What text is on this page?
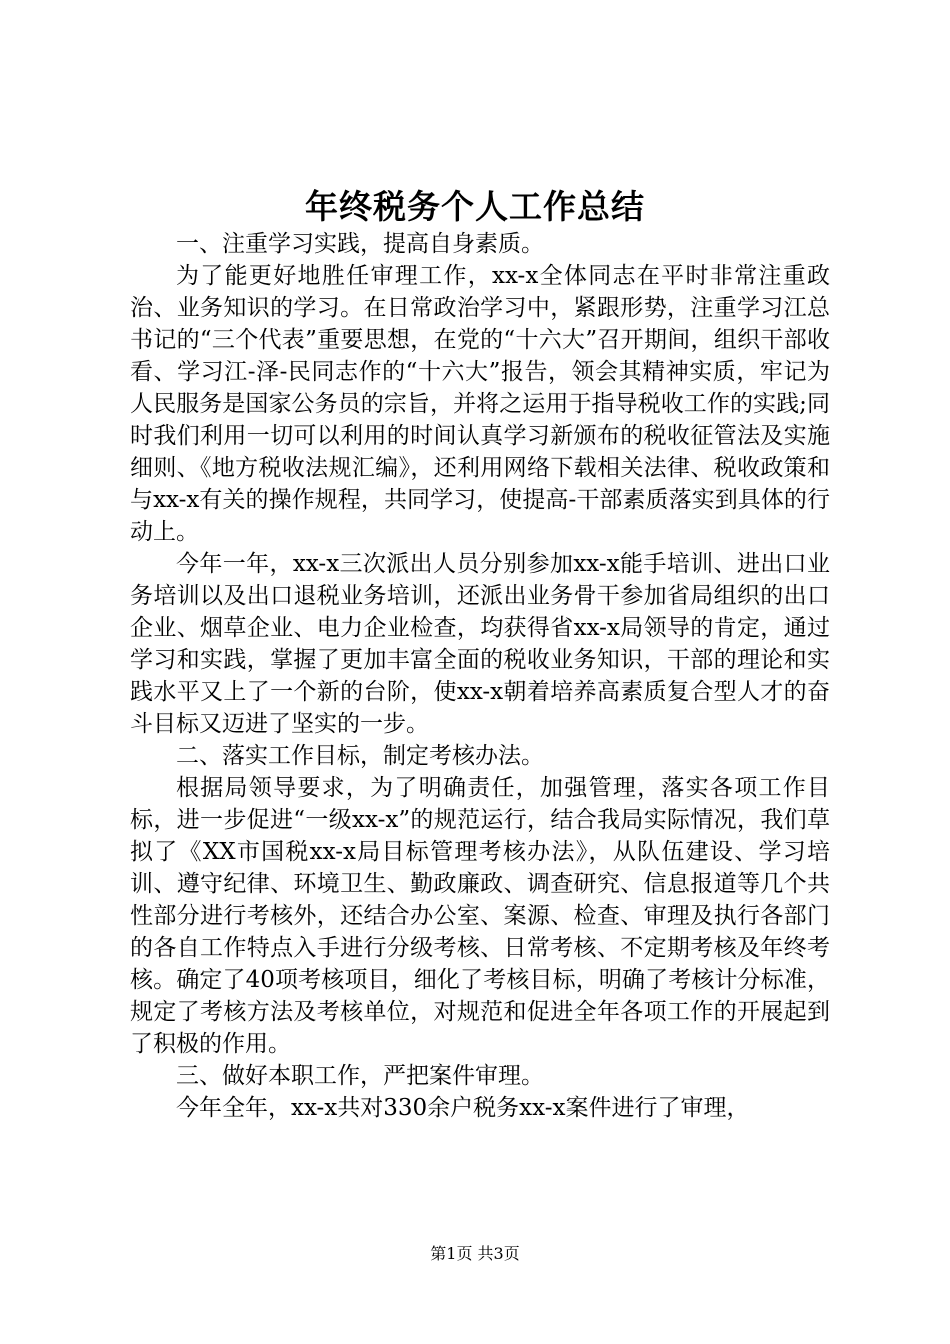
年终税务个人工作总结

一、注重学习实践，提高自身素质。

为了能更好地胜任审理工作，xx-x全体同志在平时非常注重政治、业务知识的学习。在日常政治学习中，紧跟形势，注重学习江总书记的“三个代表”重要思想，在党的“十六大”召开期间，组织干部收看、学习江-泽-民同志作的“十六大”报告，领会其精神实质，牢记为人民服务是国家公务员的宗旨，并将之运用于指导税收工作的实践;同时我们利用一切可以利用的时间认真学习新颁布的税收征管法及实施细则、《地方税收法规汇编》，还利用网络下载相关法律、税收政策和与xx-x有关的操作规程，共同学习，使提高-干部素质落实到具体的行动上。

今年一年，xx-x三次派出人员分别参加xx-x能手培训、进出口业务培训以及出口退税业务培训，还派出业务骨干参加省局组织的出口企业、烟草企业、电力企业检查，均获得省xx-x局领导的肯定，通过学习和实践，掌握了更加丰富全面的税收业务知识，干部的理论和实践水平又上了一个新的台阶，使xx-x朝着培养高素质复合型人才的奋斗目标又迈进了坚实的一步。

二、落实工作目标，制定考核办法。

根据局领导要求，为了明确责任，加强管理，落实各项工作目标，进一步促进“一级xx-x”的规范运行，结合我局实际情况，我们草拟了《XX市国税xx-x局目标管理考核办法》，从队伍建设、学习培训、遵守纪律、环境卫生、勤政廉政、调查研究、信息报道等几个共性部分进行考核外，还结合办公室、案源、检查、审理及执行各部门的各自工作特点入手进行分级考核、日常考核、不定期考核及年终考核。确定了40项考核项目，细化了考核目标，明确了考核计分标准，规定了考核方法及考核单位，对规范和促进全年各项工作的开展起到了积极的作用。

三、做好本职工作，严把案件审理。

今年全年，xx-x共对330余户税务xx-x案件进行了审理，

第1页 共3页
